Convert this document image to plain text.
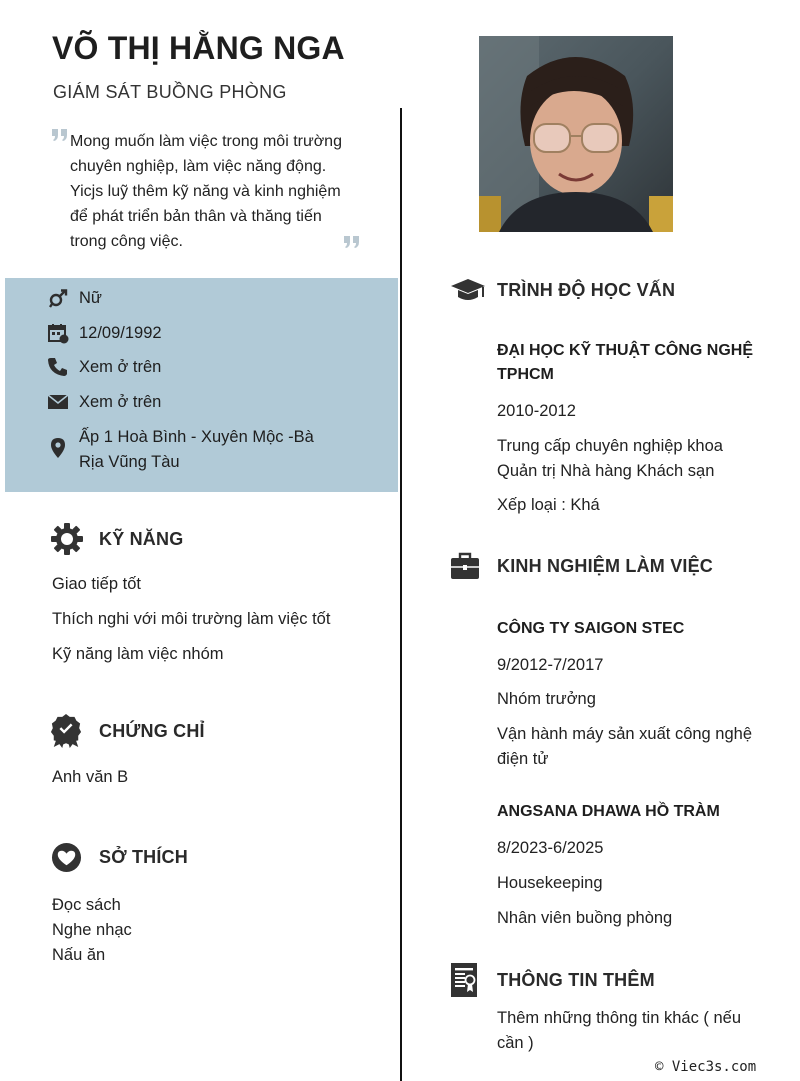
VÕ THỊ HẰNG NGA
GIÁM SÁT BUỒNG PHÒNG
Mong muốn làm việc trong môi trường chuyên nghiệp, làm việc năng động. Yicjs luỹ thêm kỹ năng và kinh nghiệm để phát triển bản thân và thăng tiến trong công việc.
Nữ
12/09/1992
Xem ở trên
Xem ở trên
Ấp 1 Hoà Bình - Xuyên Mộc -Bà Rịa Vũng Tàu
KỸ NĂNG
Giao tiếp tốt
Thích nghi với môi trường làm việc tốt
Kỹ năng làm việc nhóm
CHỨNG CHỈ
Anh văn B
SỞ THÍCH
Đọc sách
Nghe nhạc
Nấu ăn
TRÌNH ĐỘ HỌC VẤN
ĐẠI HỌC KỸ THUẬT CÔNG NGHỆ TPHCM
2010-2012
Trung cấp chuyên nghiệp khoa Quản trị Nhà hàng Khách sạn
Xếp loại : Khá
KINH NGHIỆM LÀM VIỆC
CÔNG TY SAIGON STEC
9/2012-7/2017
Nhóm trưởng
Vận hành máy sản xuất công nghệ điện tử
ANGSANA DHAWA HỒ TRÀM
8/2023-6/2025
Housekeeping
Nhân viên buồng phòng
THÔNG TIN THÊM
Thêm những thông tin khác ( nếu cần )
© Viec3s.com
